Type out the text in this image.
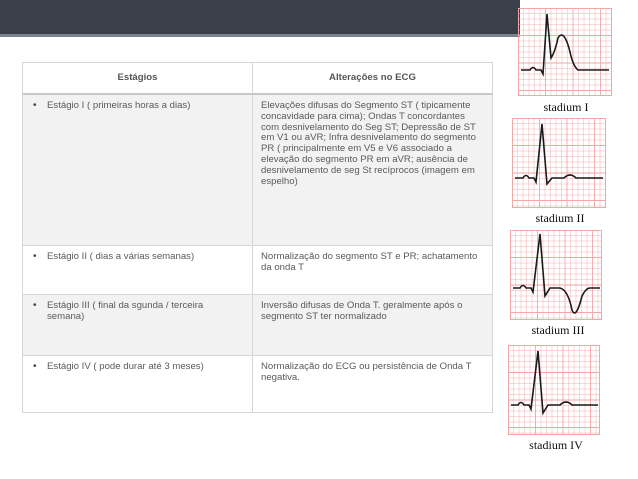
Estágios	Alterações no ECG
• Estágio I ( primeiras horas a dias)	Elevações difusas do Segmento ST ( tipicamente concavidade para cima); Ondas T concordantes com desnivelamento do Seg ST; Depressão de ST em V1 ou aVR; Infra desnivelamento do segmento PR ( principalmente em V5 e V6 associado a elevação do segmento PR em aVR; ausência de desnivelamento de seg St recíprocos (imagem em espelho)
• Estágio II ( dias a várias semanas)	Normalização do segmento ST e PR; achatamento da onda T
• Estágio III ( final da sgunda / terceira semana)	Inversão difusas de Onda T. geralmente após o segmento ST ter normalizado
• Estágio IV ( pode durar até 3 meses)	Normalização do ECG ou persistência de Onda T negativa.
stadium I
stadium II
stadium III
stadium IV
